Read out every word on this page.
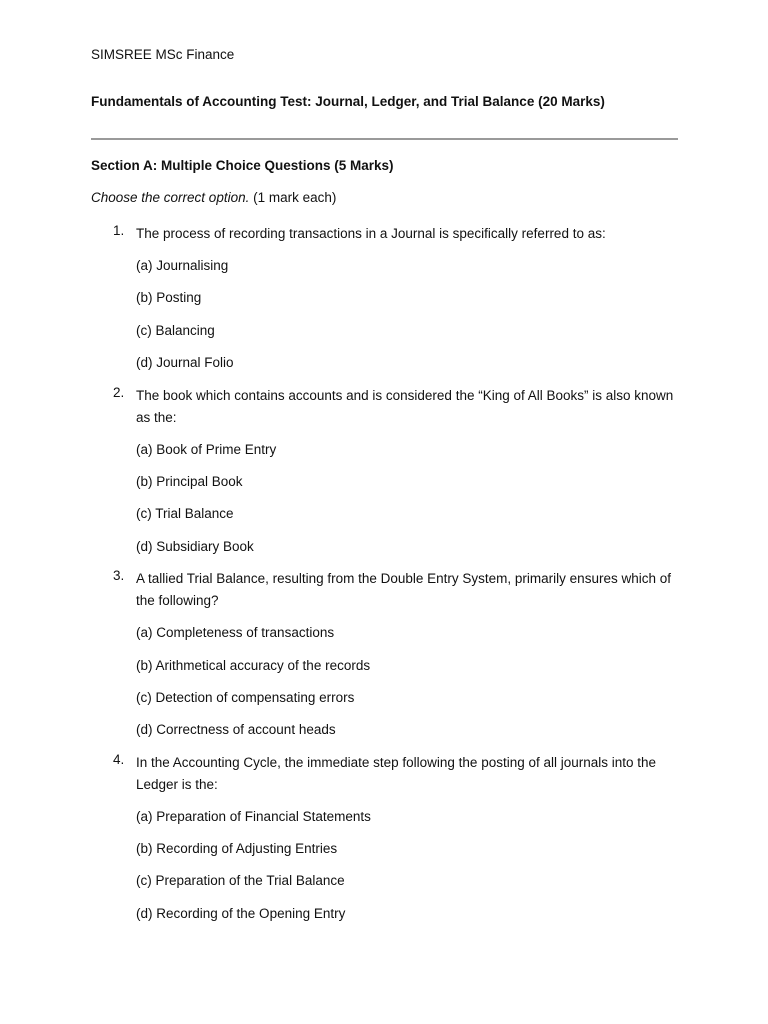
SIMSREE MSc Finance
Fundamentals of Accounting Test: Journal, Ledger, and Trial Balance (20 Marks)
Section A: Multiple Choice Questions (5 Marks)
Choose the correct option. (1 mark each)
1. The process of recording transactions in a Journal is specifically referred to as:
(a) Journalising
(b) Posting
(c) Balancing
(d) Journal Folio
2. The book which contains accounts and is considered the “King of All Books” is also known as the:
(a) Book of Prime Entry
(b) Principal Book
(c) Trial Balance
(d) Subsidiary Book
3. A tallied Trial Balance, resulting from the Double Entry System, primarily ensures which of the following?
(a) Completeness of transactions
(b) Arithmetical accuracy of the records
(c) Detection of compensating errors
(d) Correctness of account heads
4. In the Accounting Cycle, the immediate step following the posting of all journals into the Ledger is the:
(a) Preparation of Financial Statements
(b) Recording of Adjusting Entries
(c) Preparation of the Trial Balance
(d) Recording of the Opening Entry
